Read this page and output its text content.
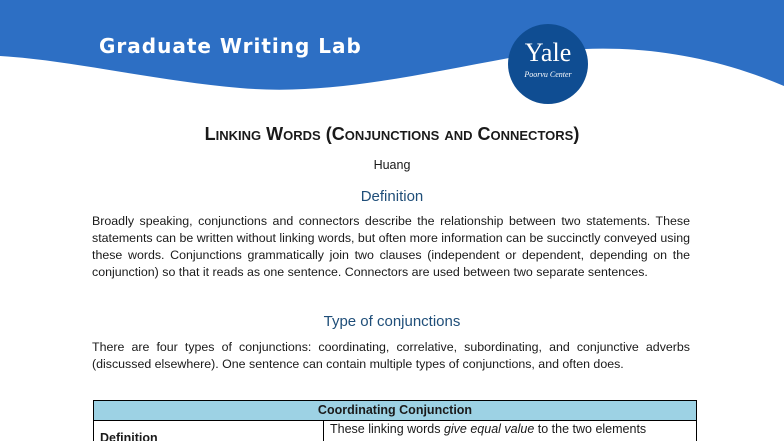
Graduate Writing Lab	Yale
Poorvu Center
Linking Words (Conjunctions and Connectors)
Huang
Definition

Broadly speaking, conjunctions and connectors describe the relationship between two statements. These statements can be written without linking words, but often more information can be succinctly conveyed using these words. Conjunctions grammatically join two clauses (independent or dependent, depending on the conjunction) so that it reads as one sentence. Connectors are used between two separate sentences.

Type of conjunctions

There are four types of conjunctions: coordinating, correlative, subordinating, and conjunctive adverbs (discussed elsewhere). One sentence can contain multiple types of conjunctions, and often does.

Coordinating Conjunction
Definition
These linking words give equal value to the two elements
